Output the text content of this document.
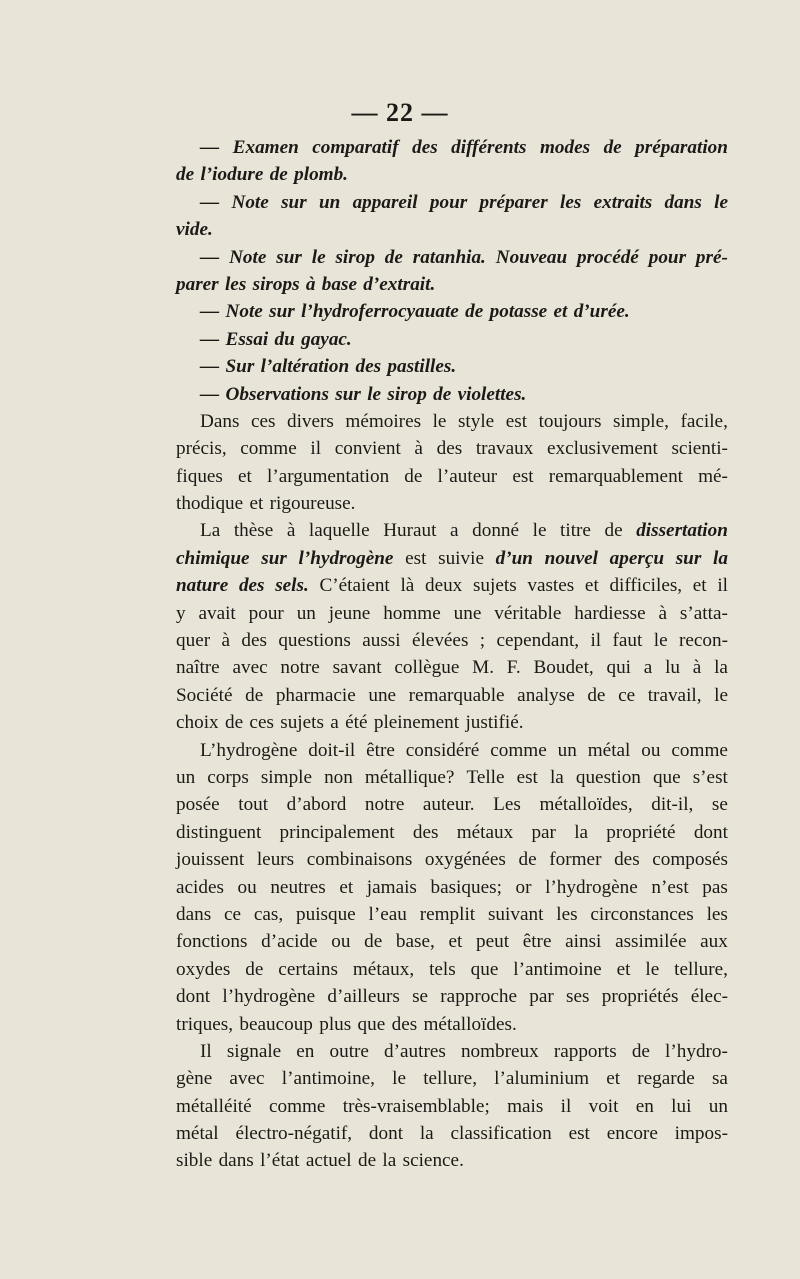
— 22 —
— Examen comparatif des différents modes de préparation
de l’iodure de plomb.
— Note sur un appareil pour préparer les extraits dans le
vide.
— Note sur le sirop de ratanhia. Nouveau procédé pour pré-
parer les sirops à base d’extrait.
— Note sur l’hydroferrocyauate de potasse et d’urée.
— Essai du gayac.
— Sur l’altération des pastilles.
— Observations sur le sirop de violettes.
Dans ces divers mémoires le style est toujours simple, facile,
précis, comme il convient à des travaux exclusivement scienti-
fiques et l’argumentation de l’auteur est remarquablement mé-
thodique et rigoureuse.
La thèse à laquelle Huraut a donné le titre de dissertation
chimique sur l’hydrogène est suivie d’un nouvel aperçu sur la
nature des sels. C’étaient là deux sujets vastes et difficiles, et il
y avait pour un jeune homme une véritable hardiesse à s’atta-
quer à des questions aussi élevées ; cependant, il faut le recon-
naître avec notre savant collègue M. F. Boudet, qui a lu à la
Société de pharmacie une remarquable analyse de ce travail, le
choix de ces sujets a été pleinement justifié.
L’hydrogène doit-il être considéré comme un métal ou comme
un corps simple non métallique? Telle est la question que s’est
posée tout d’abord notre auteur. Les métalloïdes, dit-il, se
distinguent principalement des métaux par la propriété dont
jouissent leurs combinaisons oxygénées de former des composés
acides ou neutres et jamais basiques; or l’hydrogène n’est pas
dans ce cas, puisque l’eau remplit suivant les circonstances les
fonctions d’acide ou de base, et peut être ainsi assimilée aux
oxydes de certains métaux, tels que l’antimoine et le tellure,
dont l’hydrogène d’ailleurs se rapproche par ses propriétés élec-
triques, beaucoup plus que des métalloïdes.
Il signale en outre d’autres nombreux rapports de l’hydro-
gène avec l’antimoine, le tellure, l’aluminium et regarde sa
métalléité comme très-vraisemblable; mais il voit en lui un
métal électro-négatif, dont la classification est encore impos-
sible dans l’état actuel de la science.
